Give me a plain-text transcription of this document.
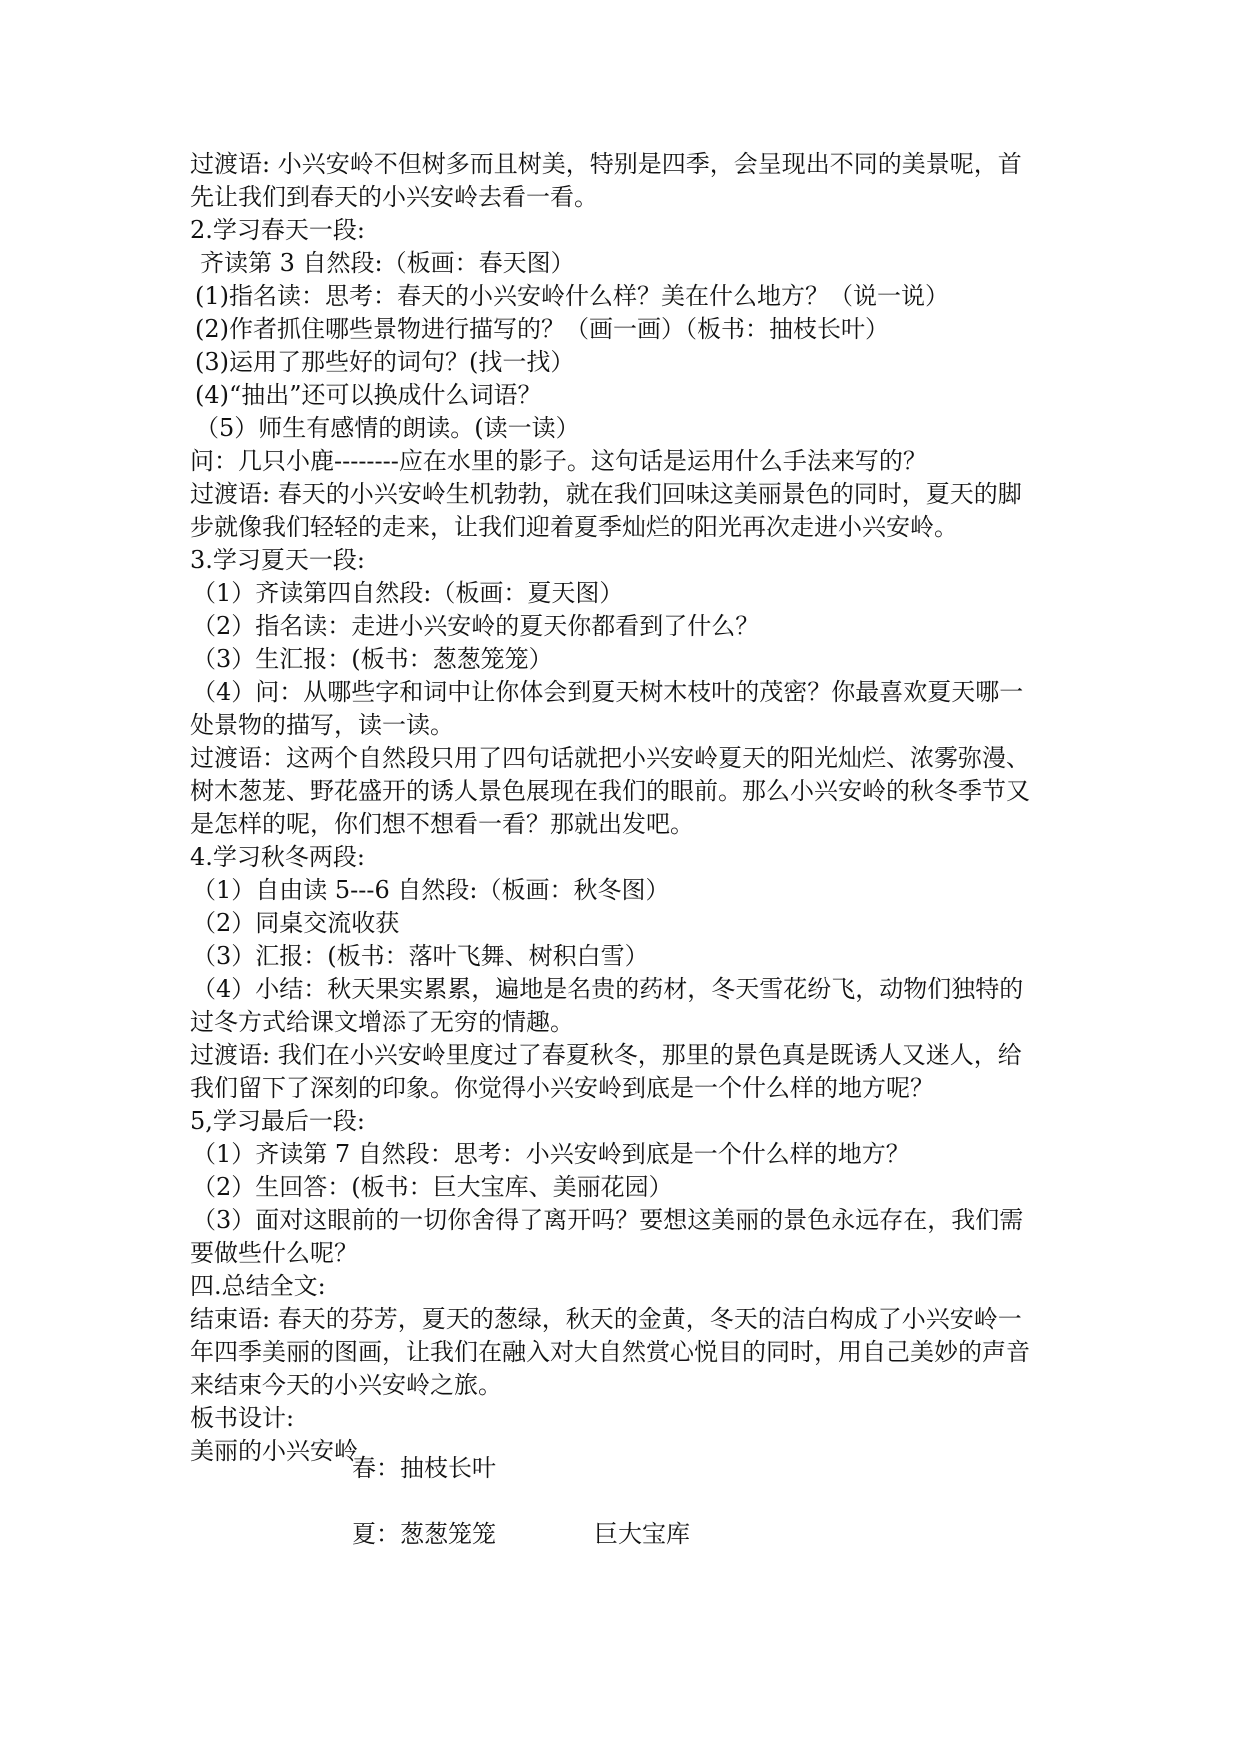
过渡语: 小兴安岭不但树多而且树美，特别是四季，会呈现出不同的美景呢，首
先让我们到春天的小兴安岭去看一看。
2.学习春天一段:
齐读第 3 自然段:（板画：春天图）
(1)指名读：思考：春天的小兴安岭什么样？美在什么地方？（说一说）
(2)作者抓住哪些景物进行描写的？（画一画）（板书：抽枝长叶）
(3)运用了那些好的词句？(找一找）
(4)“抽出”还可以换成什么词语？
（5）师生有感情的朗读。(读一读）
问：几只小鹿--------应在水里的影子。这句话是运用什么手法来写的？
过渡语: 春天的小兴安岭生机勃勃，就在我们回味这美丽景色的同时，夏天的脚
步就像我们轻轻的走来，让我们迎着夏季灿烂的阳光再次走进小兴安岭。
3.学习夏天一段:
（1）齐读第四自然段:（板画：夏天图）
（2）指名读：走进小兴安岭的夏天你都看到了什么？
（3）生汇报：(板书：葱葱笼笼）
（4）问：从哪些字和词中让你体会到夏天树木枝叶的茂密？你最喜欢夏天哪一
处景物的描写，读一读。
过渡语：这两个自然段只用了四句话就把小兴安岭夏天的阳光灿烂、浓雾弥漫、
树木葱茏、野花盛开的诱人景色展现在我们的眼前。那么小兴安岭的秋冬季节又
是怎样的呢，你们想不想看一看？那就出发吧。
4.学习秋冬两段:
（1）自由读 5---6 自然段:（板画：秋冬图）
（2）同桌交流收获
（3）汇报：(板书：落叶飞舞、树积白雪）
（4）小结：秋天果实累累，遍地是名贵的药材，冬天雪花纷飞，动物们独特的
过冬方式给课文增添了无穷的情趣。
过渡语: 我们在小兴安岭里度过了春夏秋冬，那里的景色真是既诱人又迷人，给
我们留下了深刻的印象。你觉得小兴安岭到底是一个什么样的地方呢？
5,学习最后一段:
（1）齐读第 7 自然段：思考：小兴安岭到底是一个什么样的地方？
（2）生回答：(板书：巨大宝库、美丽花园）
（3）面对这眼前的一切你舍得了离开吗？要想这美丽的景色永远存在，我们需
要做些什么呢？
四.总结全文:
结束语: 春天的芬芳，夏天的葱绿，秋天的金黄，冬天的洁白构成了小兴安岭一
年四季美丽的图画，让我们在融入对大自然赏心悦目的同时，用自己美妙的声音
来结束今天的小兴安岭之旅。
板书设计:
美丽的小兴安岭
春：抽枝长叶
夏：葱葱笼笼	巨大宝库
